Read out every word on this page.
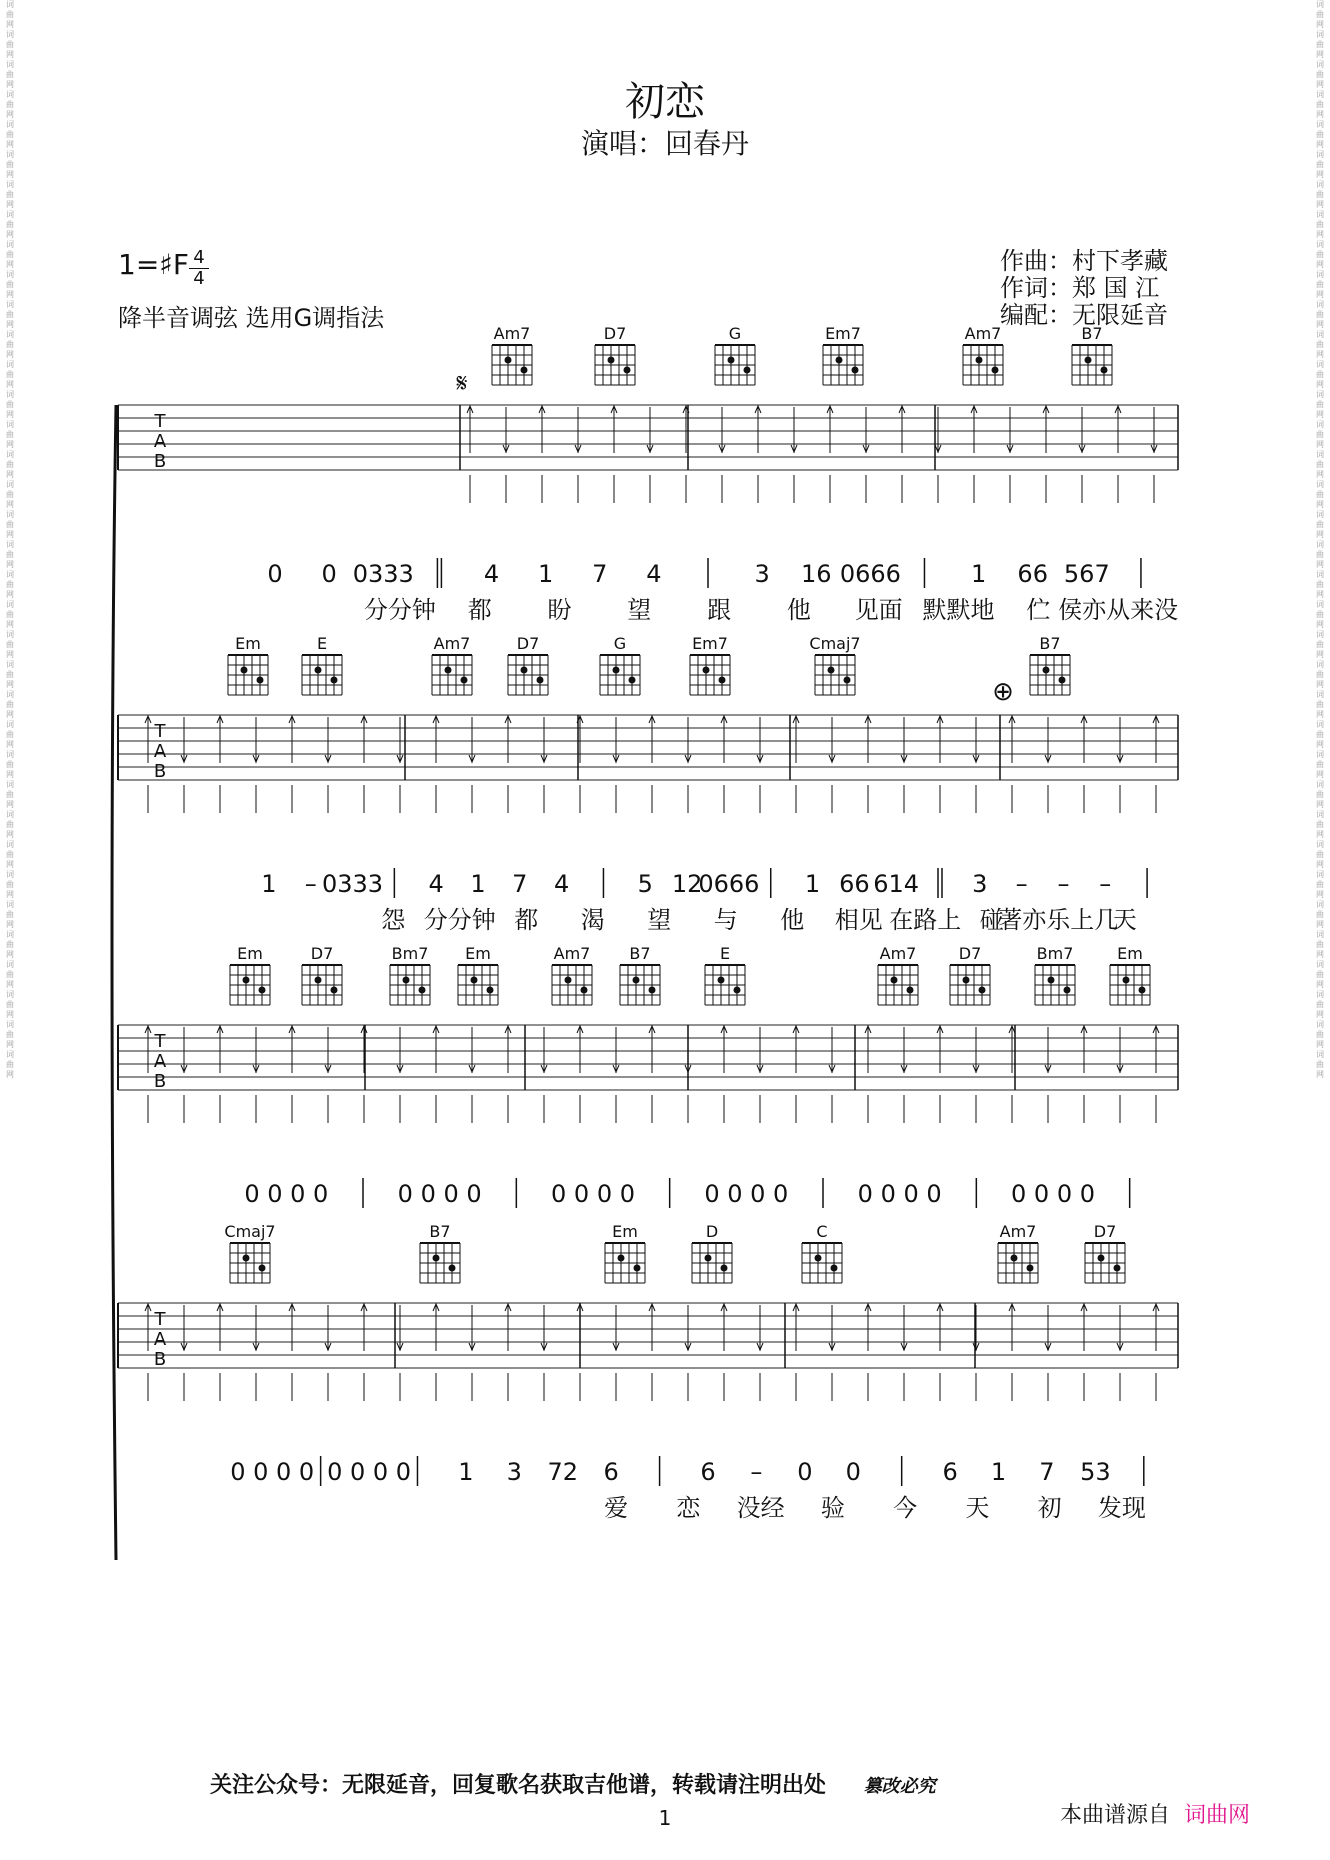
词
曲
网
词
曲
网
词
曲
网
词
曲
网
词
曲
网
词
曲
网
词
曲
网
词
曲
网
词
曲
网
词
曲
网
词
曲
网
词
曲
网
词
曲
网
词
曲
网
词
曲
网
词
曲
网
词
曲
网
词
曲
网
词
曲
网
词
曲
网
词
曲
网
词
曲
网
词
曲
网
词
曲
网
词
曲
网
词
曲
网
词
曲
网
词
曲
网
词
曲
网
词
曲
网
词
曲
网
词
曲
网
词
曲
网
词
曲
网
词
曲
网
词
曲
网
词
曲
网
词
曲
网
词
曲
网
词
曲
网
词
曲
网
词
曲
网
词
曲
网
词
曲
网
词
曲
网
词
曲
网
词
曲
网
词
曲
网
词
曲
网
词
曲
网
词
曲
网
词
曲
网
词
曲
网
词
曲
网
词
曲
网
词
曲
网
词
曲
网
词
曲
网
词
曲
网
词
曲
网
词
曲
网
词
曲
网
词
曲
网
词
曲
网
词
曲
网
词
曲
网
词
曲
网
词
曲
网
词
曲
网
词
曲
网
词
曲
网
词
曲
网
初恋
演唱：回春丹
1=♯F 4
4
降半音调弦 选用G调指法
作曲：村下孝藏
作词：郑 国 江
编配：无限延音
T
A
B
Am7	D7	G	Em7	Am7	B7
0 0 0333	4 1 7 4	3 16 0666	1 66 567
分分钟 都 盼 望 跟 他 见面 默默地 伫 侯亦从来没
T
A
B
Em	E	Am7	D7	G	Em7	Cmaj7	B7
1 – 0333 4 1 7 4	5 12
0666 1 66 614 3 – – –
怨 分分钟 都 渴 望 与 他 相见 在路上 碰
著亦乐上几
天
T
A
B
Em	D7	Bm7 Em	Am7 B7	E	Am7	D7	Bm7	Em
0 0 0 0	0 0 0 0	0 0 0 0	0 0 0 0	0 0 0 0	0 0 0 0
T
A
B
Cmaj7	B7	Em	D	C	Am7	D7
0 0 0 0 0 0 0 0 1 3 72 6	6 – 0 0	6 1 7 53
爱 恋 没经 验 今 天 初 发现
𝄋
⊕
关注公众号：无限延音，回复歌名获取吉他谱，转载请注明出处 篡改必究
1	本曲谱源自 词曲网
